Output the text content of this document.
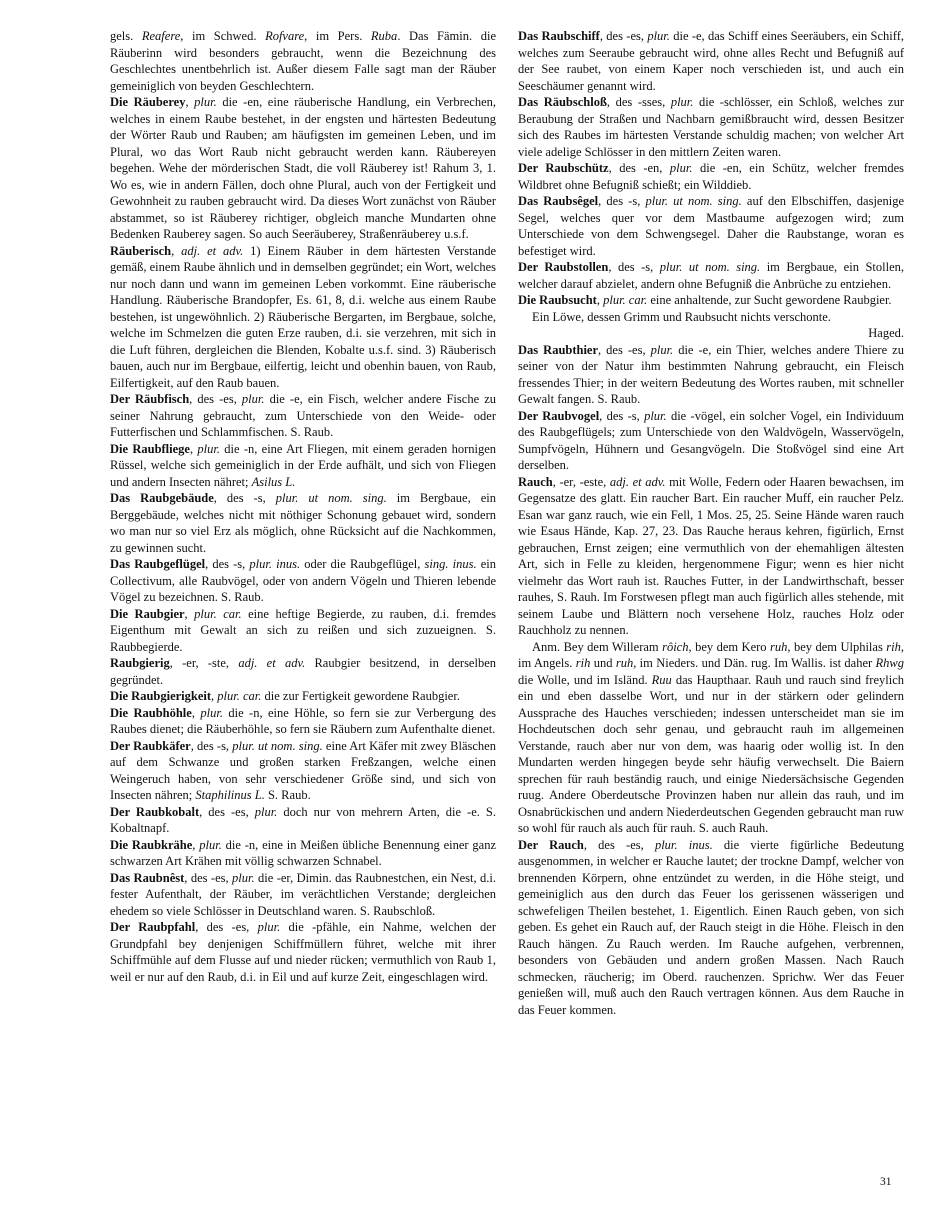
gels. Reafere, im Schwed. Rofvare, im Pers. Ruba. Das Fämin. die Räuberinn wird besonders gebraucht, wenn die Bezeichnung des Geschlechtes unentbehrlich ist. Außer diesem Falle sagt man der Räuber gemeiniglich von beyden Geschlechtern.

Die Räuberey, plur. die -en, eine räuberische Handlung, ein Verbrechen, welches in einem Raube bestehet, in der engsten und härtesten Bedeutung der Wörter Raub und Rauben; am häufigsten im gemeinen Leben, und im Plural, wo das Wort Raub nicht gebraucht werden kann. Räubereyen begehen. Wehe der mörderischen Stadt, die voll Räuberey ist! Rahum 3, 1. Wo es, wie in andern Fällen, doch ohne Plural, auch von der Fertigkeit und Gewohnheit zu rauben gebraucht wird. Da dieses Wort zunächst von Räuber abstammet, so ist Räuberey richtiger, obgleich manche Mundarten ohne Bedenken Rauberey sagen. So auch Seeräuberey, Straßenräuberey u.s.f.

Räuberisch, adj. et adv. 1) Einem Räuber in dem härtesten Verstande gemäß, einem Raube ähnlich und in demselben gegründet; ein Wort, welches nur noch dann und wann im gemeinen Leben vorkommt. Eine räuberische Handlung. Räuberische Brandopfer, Es. 61, 8, d.i. welche aus einem Raube bestehen, ist ungewöhnlich. 2) Räuberische Bergarten, im Bergbaue, solche, welche im Schmelzen die guten Erze rauben, d.i. sie verzehren, mit sich in die Luft führen, dergleichen die Blenden, Kobalte u.s.f. sind. 3) Räuberisch bauen, auch nur im Bergbaue, eilfertig, leicht und obenhin bauen, von Raub, Eilfertigkeit, auf den Raub bauen.

Der Räubfisch, des -es, plur. die -e, ein Fisch, welcher andere Fische zu seiner Nahrung gebraucht, zum Unterschiede von den Weide- oder Futterfischen und Schlammfischen. S. Raub.

Die Raubfliege, plur. die -n, eine Art Fliegen, mit einem geraden hornigen Rüssel, welche sich gemeiniglich in der Erde aufhält, und sich von Fliegen und andern Insecten nähret; Asilus L.

Das Raubgebäude, des -s, plur. ut nom. sing. im Bergbaue, ein Berggebäude, welches nicht mit nöthiger Schonung gebauet wird, sondern wo man nur so viel Erz als möglich, ohne Rücksicht auf die Nachkommen, zu gewinnen sucht.

Das Raubgeflügel, des -s, plur. inus. oder die Raubgeflügel, sing. inus. ein Collectivum, alle Raubvögel, oder von andern Vögeln und Thieren lebende Vögel zu bezeichnen. S. Raub.

Die Raubgier, plur. car. eine heftige Begierde, zu rauben, d.i. fremdes Eigenthum mit Gewalt an sich zu reißen und sich zuzueignen. S. Raubbegierde.

Raubgierig, -er, -ste, adj. et adv. Raubgier besitzend, in derselben gegründet.

Die Raubgierigkeit, plur. car. die zur Fertigkeit gewordene Raubgier.

Die Raubhöhle, plur. die -n, eine Höhle, so fern sie zur Verbergung des Raubes dienet; die Räuberhöhle, so fern sie Räubern zum Aufenthalte dienet.

Der Raubkäfer, des -s, plur. ut nom. sing. eine Art Käfer mit zwey Bläschen auf dem Schwanze und großen starken Freßzangen, welche einen Weingeruch haben, von sehr verschiedener Größe sind, und sich von Insecten nähren; Staphilinus L. S. Raub.

Der Raubkobalt, des -es, plur. doch nur von mehrern Arten, die -e. S. Kobaltnapf.

Die Raubkrähe, plur. die -n, eine in Meißen übliche Benennung einer ganz schwarzen Art Krähen mit völlig schwarzen Schnabel.

Das Raubnêst, des -es, plur. die -er, Dimin. das Raubnestchen, ein Nest, d.i. fester Aufenthalt, der Räuber, im verächtlichen Verstande; dergleichen ehedem so viele Schlösser in Deutschland waren. S. Raubschloß.

Der Raubpfahl, des -es, plur. die -pfähle, ein Nahme, welchen der Grundpfahl bey denjenigen Schiffmüllern führet, welche mit ihrer Schiffmühle auf dem Flusse auf und nieder rücken; vermuthlich von Raub 1, weil er nur auf den Raub, d.i. in Eil und auf kurze Zeit, eingeschlagen wird.

Das Raubschiff, des -es, plur. die -e, das Schiff eines Seeräubers, ein Schiff, welches zum Seeraube gebraucht wird, ohne alles Recht und Befugniß auf der See raubet, von einem Kaper noch verschieden ist, und auch ein Seeschäumer genannt wird.

Das Räubschloß, des -sses, plur. die -schlösser, ein Schloß, welches zur Beraubung der Straßen und Nachbarn gemißbraucht wird, dessen Besitzer sich des Raubes im härtesten Verstande schuldig machen; von welcher Art viele adelige Schlösser in den mittlern Zeiten waren.

Der Raubschütz, des -en, plur. die -en, ein Schütz, welcher fremdes Wildbret ohne Befugniß schießt; ein Wilddieb.

Das Raubsêgel, des -s, plur. ut nom. sing. auf den Elbschiffen, dasjenige Segel, welches quer vor dem Mastbaume aufgezogen wird; zum Unterschiede von dem Schwengsegel. Daher die Raubstange, woran es befestiget wird.

Der Raubstollen, des -s, plur. ut nom. sing. im Bergbaue, ein Stollen, welcher darauf abzielet, andern ohne Befugniß die Anbrüche zu entziehen.

Die Raubsucht, plur. car. eine anhaltende, zur Sucht gewordene Raubgier.

Ein Löwe, dessen Grimm und Raubsucht nichts verschonte.

Haged.

Das Raubthier, des -es, plur. die -e, ein Thier, welches andere Thiere zu seiner von der Natur ihm bestimmten Nahrung gebraucht, ein Fleisch fressendes Thier; in der weitern Bedeutung des Wortes rauben, mit schneller Gewalt fangen. S. Raub.

Der Raubvogel, des -s, plur. die -vögel, ein solcher Vogel, ein Individuum des Raubgeflügels; zum Unterschiede von den Waldvögeln, Wasservögeln, Sumpfvögeln, Hühnern und Gesangvögeln. Die Stoßvögel sind eine Art derselben.

Rauch, -er, -este, adj. et adv. mit Wolle, Federn oder Haaren bewachsen, im Gegensatze des glatt. Ein raucher Bart. Ein raucher Muff, ein raucher Pelz. Esan war ganz rauch, wie ein Fell, 1 Mos. 25, 25. Seine Hände waren rauch wie Esaus Hände, Kap. 27, 23. Das Rauche heraus kehren, figürlich, Ernst gebrauchen, Ernst zeigen; eine vermuthlich von der ehemahligen ältesten Art, sich in Felle zu kleiden, hergenommene Figur; wenn es hier nicht vielmehr das Wort rauh ist. Rauches Futter, in der Landwirthschaft, besser rauhes, S. Rauh. Im Forstwesen pflegt man auch figürlich alles stehende, mit seinem Laube und Blättern noch versehene Holz, rauches Holz oder Rauchholz zu nennen.

Anm. Bey dem Willeram rôich, bey dem Kero ruh, bey dem Ulphilas rih, im Angels. rih und ruh, im Nieders. und Dän. rug. Im Wallis. ist daher Rhwg die Wolle, und im Isländ. Ruu das Haupthaar. Rauh und rauch sind freylich ein und eben dasselbe Wort, und nur in der stärkern oder gelindern Aussprache des Hauches verschieden; indessen unterscheidet man sie im Hochdeutschen doch sehr genau, und gebraucht rauh im allgemeinen Verstande, rauch aber nur von dem, was haarig oder wollig ist. In den Mundarten werden hingegen beyde sehr häufig verwechselt. Die Baiern sprechen für rauh beständig rauch, und einige Niedersächsische Gegenden ruug. Andere Oberdeutsche Provinzen haben nur allein das rauh, und im Osnabrückischen und andern Niederdeutschen Gegenden gebraucht man ruw so wohl für rauch als auch für rauh. S. auch Rauh.

Der Rauch, des -es, plur. inus. die vierte figürliche Bedeutung ausgenommen, in welcher er Rauche lautet; der trockne Dampf, welcher von brennenden Körpern, ohne entzündet zu werden, in die Höhe steigt, und gemeiniglich aus den durch das Feuer los gerissenen wässerigen und schwefeligen Theilen bestehet, 1. Eigentlich. Einen Rauch geben, von sich geben. Es gehet ein Rauch auf, der Rauch steigt in die Höhe. Fleisch in den Rauch hängen. Zu Rauch werden. Im Rauche aufgehen, verbrennen, besonders von Gebäuden und andern großen Massen. Nach Rauch schmecken, räucherig; im Oberd. rauchenzen. Sprichw. Wer das Feuer genießen will, muß auch den Rauch vertragen können. Aus dem Rauche in das Feuer kommen.

31
